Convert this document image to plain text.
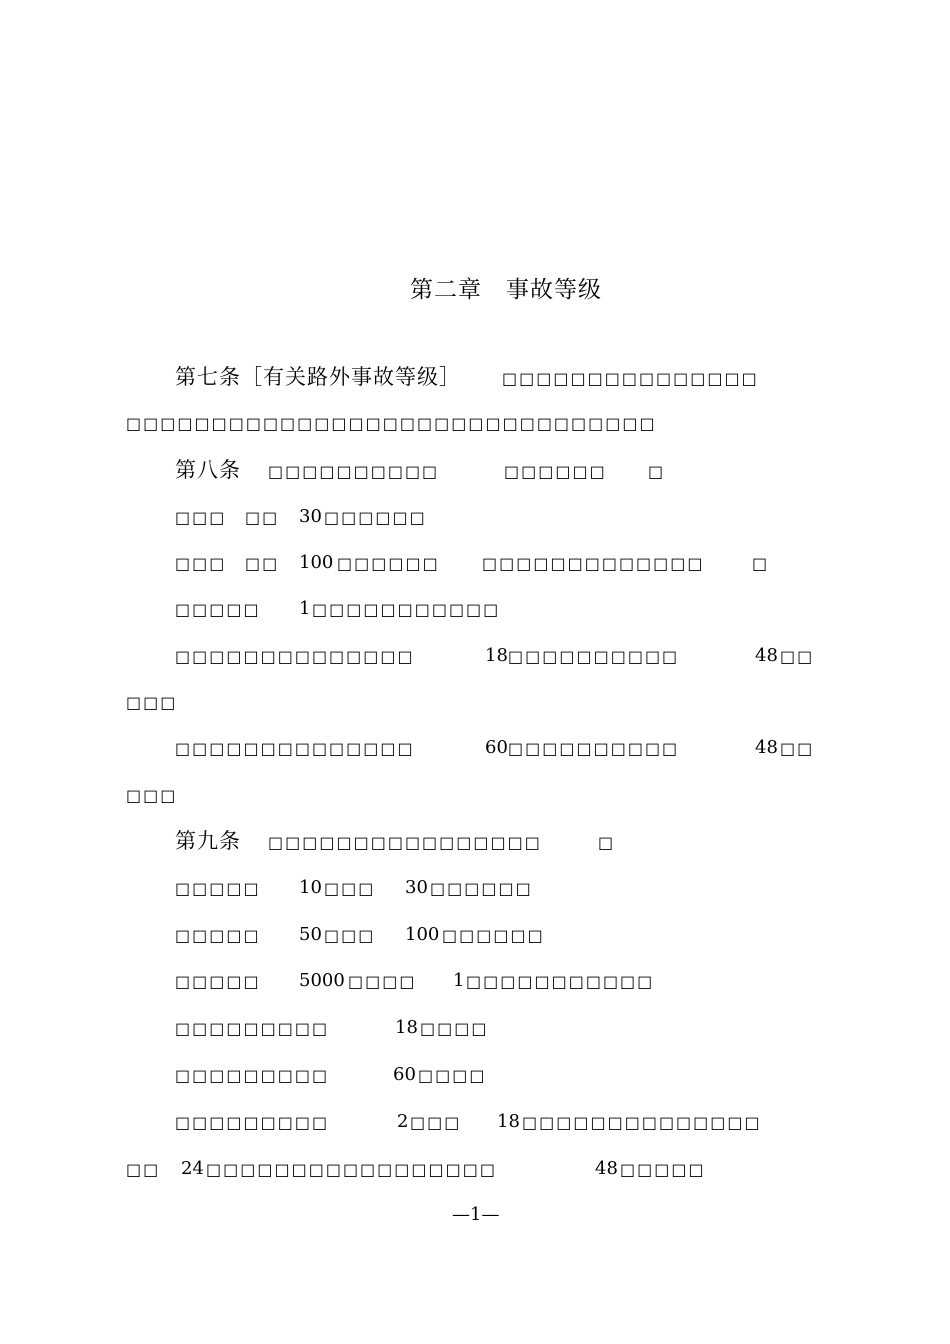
第二章　事故等级
第七条［有关路外事故等级］	□□□□□□□□□□□□□□□
□□□□□□□□□□□□□□□□□□□□□□□□□□□□□□□
第八条 □□□□□□□□□□	□□□□□□	□
□□□ □□ 30 □□□□□□
□□□ □□ 100 □□□□□□	□□□□□□□□□□□□□	□
□□□□□ 1 □□□□□□□□□□□
□□□□□□□□□□□□□□	18 □□□□□□□□□□	48 □□
□□□
□□□□□□□□□□□□□□	60 □□□□□□□□□□	48 □□
□□□
第九条 □□□□□□□□□□□□□□□□	□
□□□□□ 10 □□□ 30 □□□□□□
□□□□□ 50 □□□ 100 □□□□□□
□□□□□ 5000 □□□□ 1 □□□□□□□□□□□
□□□□□□□□□	18 □□□□
□□□□□□□□□	60 □□□□
□□□□□□□□□	2 □□□ 18 □□□□□□□□□□□□□□
□□ 24 □□□□□□□□□□□□□□□□□	48 □□□□□
—1—
